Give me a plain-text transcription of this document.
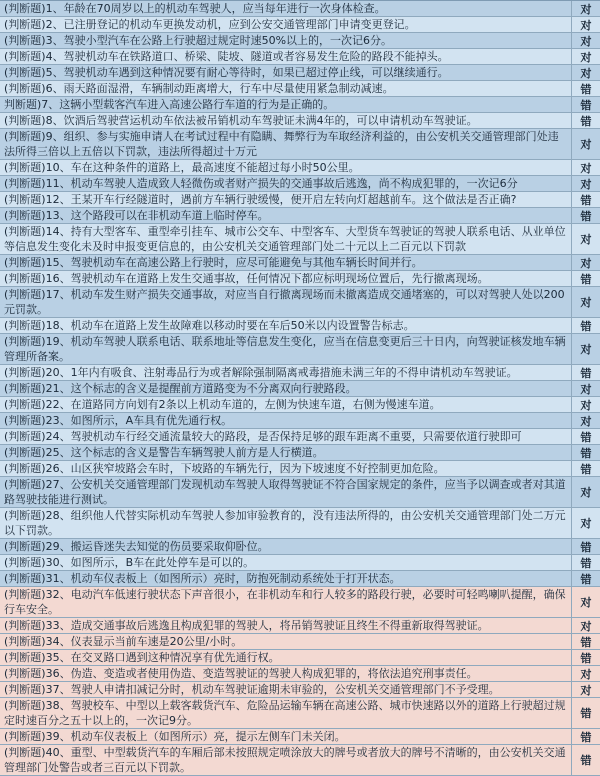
(判断题)1、年龄在70周岁以上的机动车驾驶人，应当每年进行一次身体检查。	对
(判断题)2、已注册登记的机动车更换发动机，应到公安交通管理部门申请变更登记。	对
(判断题)3、驾驶小型汽车在公路上行驶超过规定时速50%以上的，一次记6分。	对
(判断题)4、驾驶机动车在铁路道口、桥梁、陡坡、隧道或者容易发生危险的路段不能掉头。	对
(判断题)5、驾驶机动车遇到这种情况要有耐心等待时，如果已超过停止线，可以继续通行。	对
(判断题)6、雨天路面湿滑，车辆制动距离增大，行车中尽量使用紧急制动减速。	错
判断题)7、这辆小型载客汽车进入高速公路行车道的行为是正确的。	错
(判断题)8、饮酒后驾驶营运机动车依法被吊销机动车驾驶证未满4年的，可以申请机动车驾驶证。	错
(判断题)9、组织、参与实施申请人在考试过程中有隐瞒、舞弊行为车取经济利益的，由公安机关交通管理部门处违法所得三倍以上五倍以下罚款，违法所得超过十万元
对
(判断题)10、车在这种条件的道路上，最高速度不能超过每小时50公里。	对
(判断题)11、机动车驾驶人造成致人轻微伤或者财产损失的交通事故后逃逸，尚不构成犯罪的，一次记6分	对
(判断题)12、王某开车行经隧道时，遇前方车辆行驶缓慢，便开启左转向灯超越前车。这个做法是否正确?	错
(判断题)13、这个路段可以在非机动车道上临时停车。	错
(判断题)14、持有大型客车、重型牵引挂车、城市公交车、中型客车、大型货车驾驶证的驾驶人联系电话、从业单位等信息发生变化未及时申报变更信息的，由公安机关交通管理部门处二十元以上二百元以下罚款
对
(判断题)15、驾驶机动车在高速公路上行驶时，应尽可能避免与其他车辆长时间并行。	对
(判断题)16、驾驶机动车在道路上发生交通事故，任何情况下都应标明现场位置后，先行撤离现场。	错
(判断题)17、机动车发生财产损失交通事故，对应当自行撤离现场而未撤离造成交通堵塞的，可以对驾驶人处以200元罚款。
对
(判断题)18、机动车在道路上发生故障难以移动时要在车后50米以内设置警告标志。	错
(判断题)19、机动车驾驶人联系电话、联系地址等信息发生变化，应当在信息变更后三十日内，向驾驶证核发地车辆管理所备案。
对
(判断题)20、1年内有吸食、注射毒品行为或者解除强制隔离戒毒措施未满三年的不得申请机动车驾驶证。	错
(判断题)21、这个标志的含义是提醒前方道路变为不分离双向行驶路段。	对
(判断题)22、在道路同方向划有2条以上机动车道的，左侧为快速车道，右侧为慢速车道。	对
(判断题)23、如图所示，A车具有优先通行权。	对
(判断题)24、驾驶机动车行经交通流量较大的路段，是否保持足够的跟车距离不重要，只需要依道行驶即可	错
(判断题)25、这个标志的含义是警告车辆驾驶人前方是人行横道。	错
(判断题)26、山区狭窄坡路会车时，下坡路的车辆先行，因为下坡速度不好控制更加危险。	错
(判断题)27、公安机关交通管理部门发现机动车驾驶人取得驾驶证不符合国家规定的条件，应当予以调查或者对其道路驾驶技能进行测试。
对
(判断题)28、组织他人代替实际机动车驾驶人参加审验教育的，没有违法所得的，由公安机关交通管理部门处二万元以下罚款。
对
(判断题)29、搬运昏迷失去知觉的伤员要采取仰卧位。	错
(判断题)30、如图所示，B车在此处停车是可以的。	错
(判断题)31、机动车仪表板上（如图所示）亮时，防抱死制动系统处于打开状态。	错
(判断题)32、电动汽车低速行驶状态下声音很小，在非机动车和行人较多的路段行驶，必要时可轻鸣喇叭提醒，确保行车安全。
对
(判断题)33、造成交通事故后逃逸且构成犯罪的驾驶人，将吊销驾驶证且终生不得重新取得驾驶证。	对
(判断题)34、仪表显示当前车速是20公里/小时。	错
(判断题)35、在交叉路口遇到这种情况享有优先通行权。	错
(判断题)36、伪造、变造或者使用伪造、变造驾驶证的驾驶人构成犯罪的，将依法追究刑事责任。	对
(判断题)37、驾驶人申请扣减记分时，机动车驾驶证逾期未审验的，公安机关交通管理部门不予受理。	对
(判断题)38、驾驶校车、中型以上载客载货汽车、危险品运输车辆在高速公路、城市快速路以外的道路上行驶超过规定时速百分之五十以上的，一次记9分。
错
(判断题)39、机动车仪表板上（如图所示）亮，提示左侧车门未关闭。	错
(判断题)40、重型、中型载货汽车的车厢后部未按照规定喷涂放大的牌号或者放大的牌号不清晰的，由公安机关交通管理部门处警告或者三百元以下罚款。
错
